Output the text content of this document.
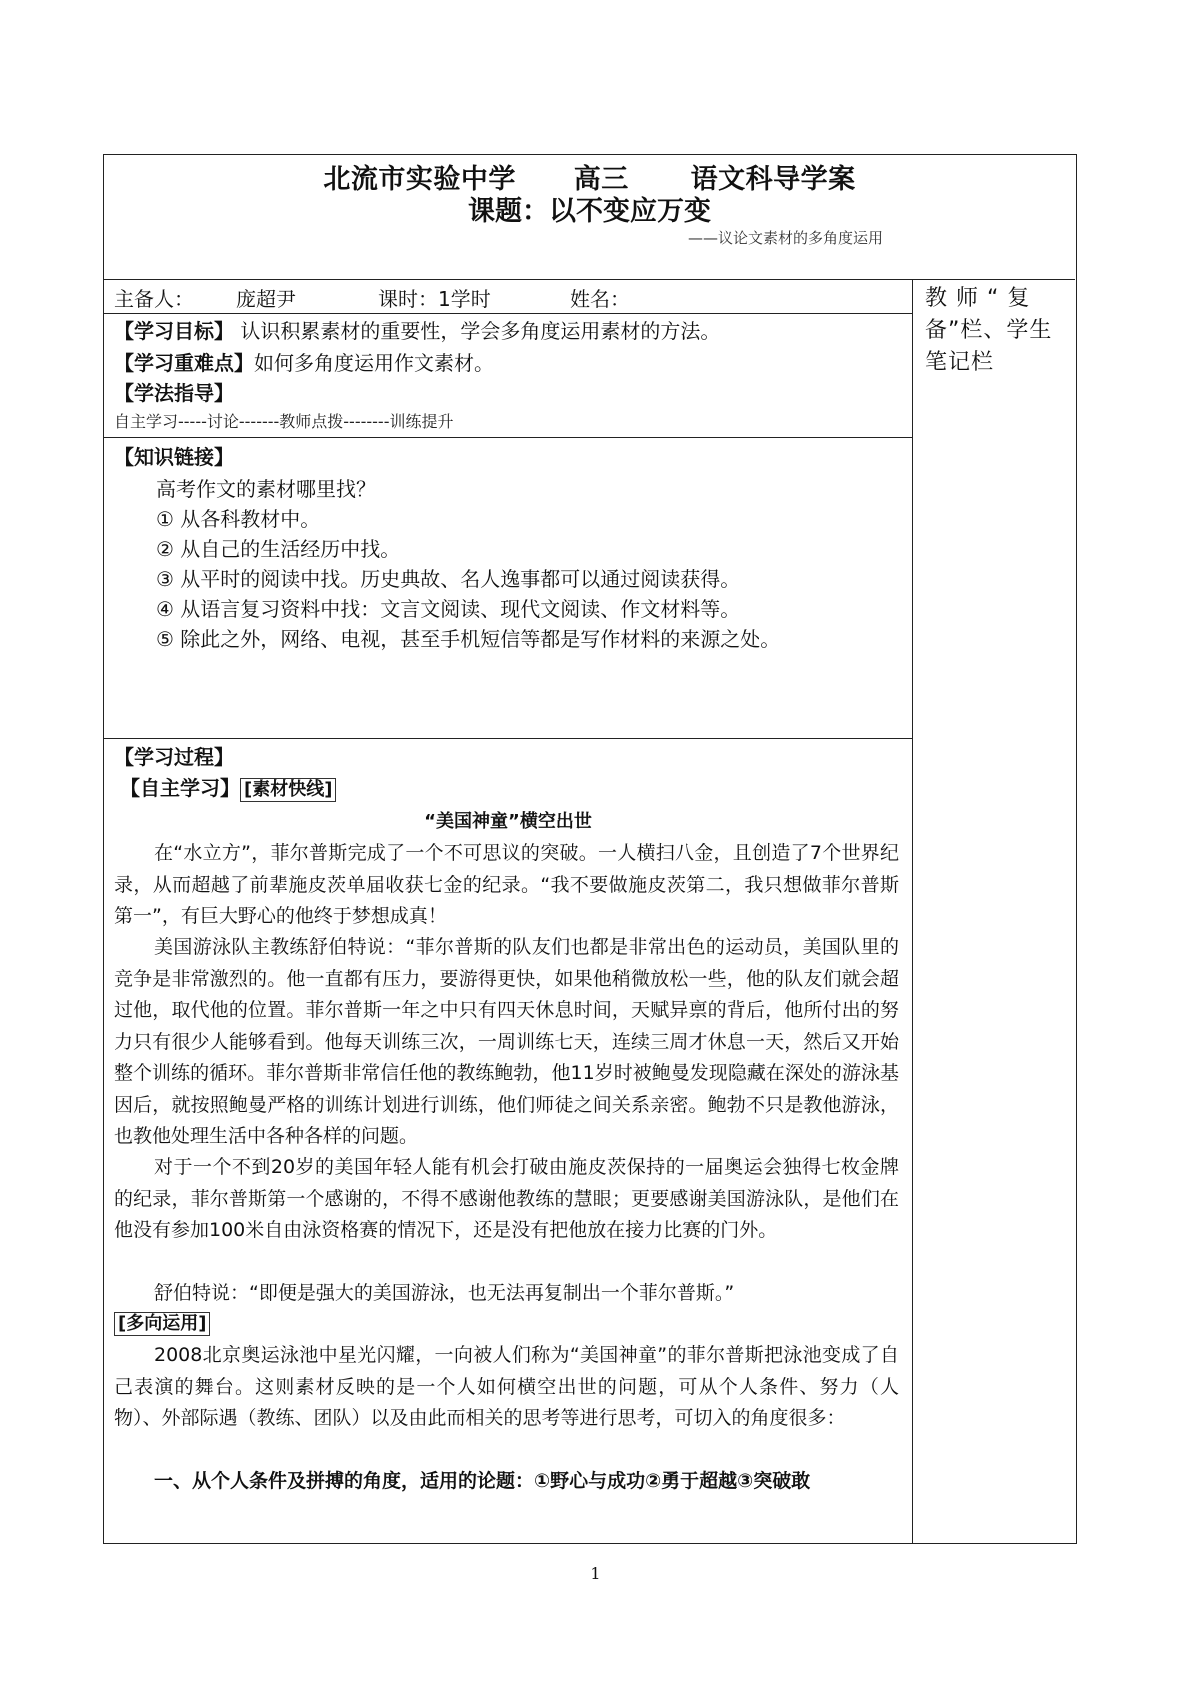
北流市实验中学 高三 语文科导学案
课题：以不变应万变
——议论文素材的多角度运用
主备人： 庞超尹	课时：1学时	姓名：
【学习目标】 认识积累素材的重要性，学会多角度运用素材的方法。
【学习重难点】如何多角度运用作文素材。
【学法指导】
自主学习-----讨论-------教师点拨--------训练提升
【知识链接】
高考作文的素材哪里找？
① 从各科教材中。
② 从自己的生活经历中找。
③ 从平时的阅读中找。历史典故、名人逸事都可以通过阅读获得。
④ 从语言复习资料中找：文言文阅读、现代文阅读、作文材料等。
⑤ 除此之外，网络、电视，甚至手机短信等都是写作材料的来源之处。
【学习过程】
【自主学习】 [素材快线]
“美国神童”横空出世
在“水立方”，菲尔普斯完成了一个不可思议的突破。一人横扫八金，且创造了7个世界纪录，从而超越了前辈施皮茨单届收获七金的纪录。“我不要做施皮茨第二，我只想做菲尔普斯第一”，有巨大野心的他终于梦想成真！
美国游泳队主教练舒伯特说：“菲尔普斯的队友们也都是非常出色的运动员，美国队里的竞争是非常激烈的。他一直都有压力，要游得更快，如果他稍微放松一些，他的队友们就会超过他，取代他的位置。菲尔普斯一年之中只有四天休息时间，天赋异禀的背后，他所付出的努力只有很少人能够看到。他每天训练三次，一周训练七天，连续三周才休息一天，然后又开始整个训练的循环。菲尔普斯非常信任他的教练鲍勃，他11岁时被鲍曼发现隐藏在深处的游泳基因后，就按照鲍曼严格的训练计划进行训练，他们师徒之间关系亲密。鲍勃不只是教他游泳，也教他处理生活中各种各样的问题。
对于一个不到20岁的美国年轻人能有机会打破由施皮茨保持的一届奥运会独得七枚金牌的纪录，菲尔普斯第一个感谢的，不得不感谢他教练的慧眼；更要感谢美国游泳队，是他们在他没有参加100米自由泳资格赛的情况下，还是没有把他放在接力比赛的门外。
舒伯特说：“即便是强大的美国游泳，也无法再复制出一个菲尔普斯。”
[多向运用]
2008北京奥运泳池中星光闪耀，一向被人们称为“美国神童”的菲尔普斯把泳池变成了自己表演的舞台。这则素材反映的是一个人如何横空出世的问题，可从个人条件、努力（人物）、外部际遇（教练、团队）以及由此而相关的思考等进行思考，可切入的角度很多：
一、从个人条件及拼搏的角度，适用的论题：①野心与成功②勇于超越③突破敢
教 师 “ 复 备”栏、学生笔记栏
1
